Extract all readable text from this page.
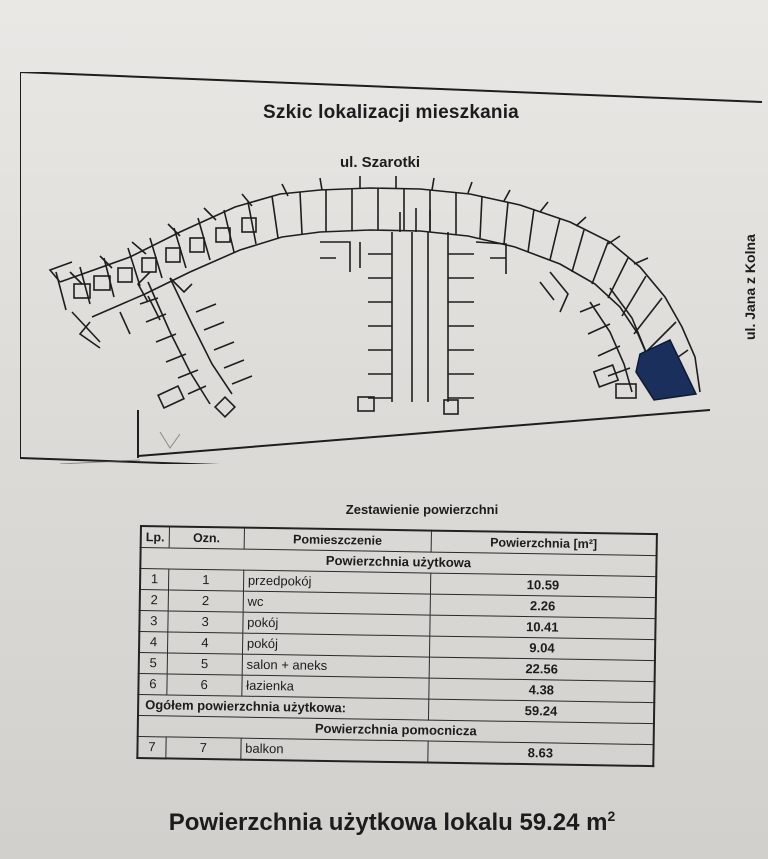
Szkic lokalizacji mieszkania
ul. Szarotki
ul. Jana z Kolna
Zestawienie powierzchni
Lp.	Ozn.	Pomieszczenie	Powierzchnia [m²]
Powierzchnia użytkowa			
1	1	przedpokój	10.59
2	2	wc	2.26
3	3	pokój	10.41
4	4	pokój	9.04
5	5	salon + aneks	22.56
6	6	łazienka	4.38
Ogółem powierzchnia użytkowa:			59.24
Powierzchnia pomocnicza			
7	7	balkon	8.63
Powierzchnia użytkowa lokalu 59.24 $m^2$
